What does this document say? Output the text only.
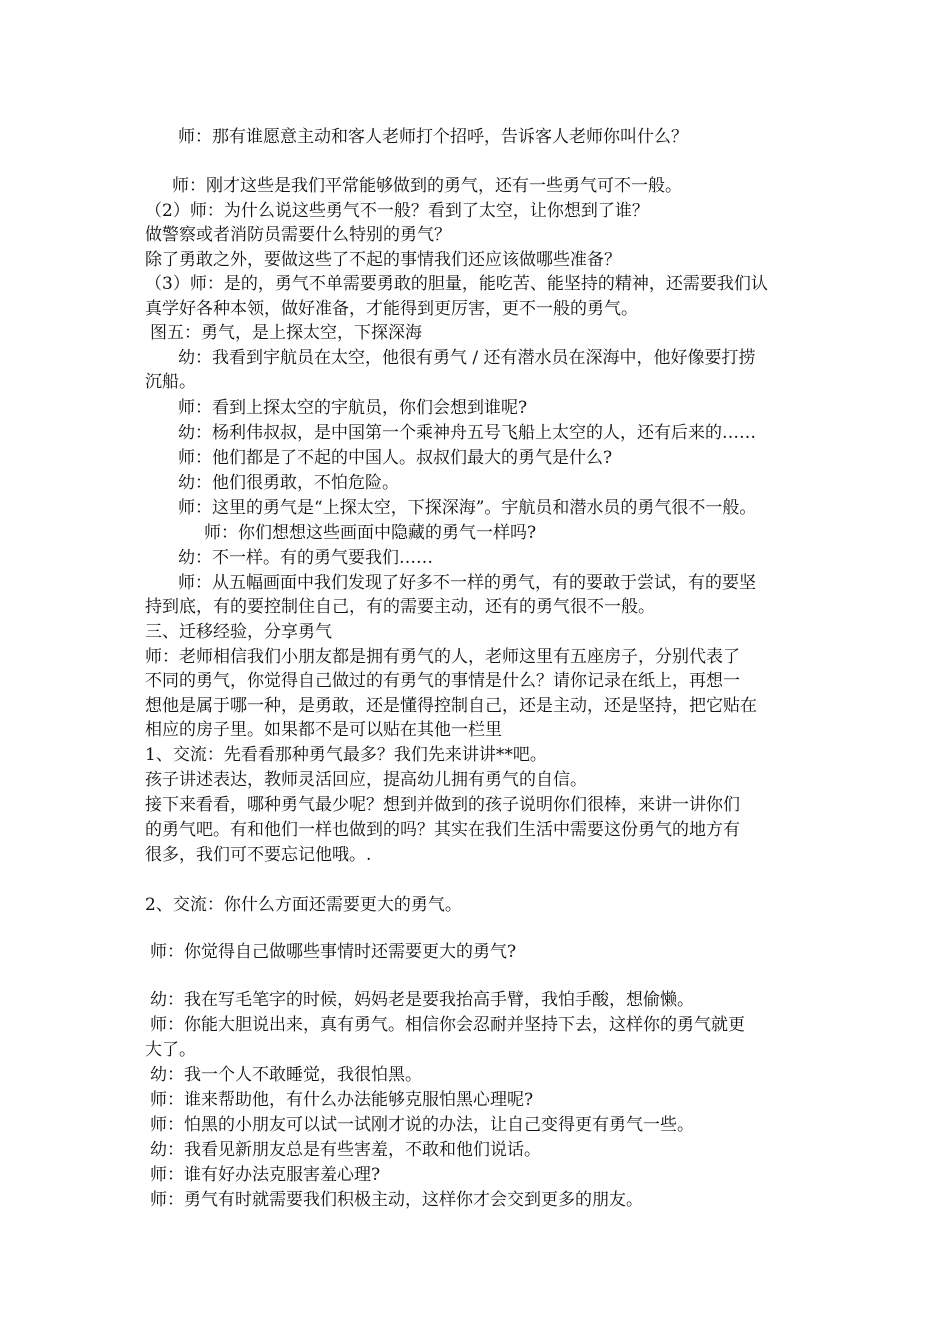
师：那有谁愿意主动和客人老师打个招呼，告诉客人老师你叫什么？
师：刚才这些是我们平常能够做到的勇气，还有一些勇气可不一般。
（2）师：为什么说这些勇气不一般？看到了太空，让你想到了谁？
做警察或者消防员需要什么特别的勇气？
除了勇敢之外，要做这些了不起的事情我们还应该做哪些准备？
（3）师：是的，勇气不单需要勇敢的胆量，能吃苦、能坚持的精神，还需要我们认
真学好各种本领，做好准备，才能得到更厉害，更不一般的勇气。
图五：勇气，是上探太空，下探深海
幼：我看到宇航员在太空，他很有勇气 / 还有潜水员在深海中，他好像要打捞
沉船。
师：看到上探太空的宇航员，你们会想到谁呢?
幼：杨利伟叔叔，是中国第一个乘神舟五号飞船上太空的人，还有后来的……
师：他们都是了不起的中国人。叔叔们最大的勇气是什么?
幼：他们很勇敢，不怕危险。
师：这里的勇气是“上探太空，下探深海”。宇航员和潜水员的勇气很不一般。
师：你们想想这些画面中隐藏的勇气一样吗?
幼：不一样。有的勇气要我们……
师：从五幅画面中我们发现了好多不一样的勇气，有的要敢于尝试，有的要坚
持到底，有的要控制住自己，有的需要主动，还有的勇气很不一般。
三、迁移经验，分享勇气
师：老师相信我们小朋友都是拥有勇气的人，老师这里有五座房子，分别代表了
不同的勇气，你觉得自己做过的有勇气的事情是什么？请你记录在纸上，再想一
想他是属于哪一种，是勇敢，还是懂得控制自己，还是主动，还是坚持，把它贴在
相应的房子里。如果都不是可以贴在其他一栏里
1、交流：先看看那种勇气最多？我们先来讲讲**吧。
孩子讲述表达，教师灵活回应，提高幼儿拥有勇气的自信。
接下来看看，哪种勇气最少呢？想到并做到的孩子说明你们很棒，来讲一讲你们
的勇气吧。有和他们一样也做到的吗？其实在我们生活中需要这份勇气的地方有
很多，我们可不要忘记他哦。.
2、交流：你什么方面还需要更大的勇气。
师：你觉得自己做哪些事情时还需要更大的勇气?
幼：我在写毛笔字的时候，妈妈老是要我抬高手臂，我怕手酸，想偷懒。
师：你能大胆说出来，真有勇气。相信你会忍耐并坚持下去，这样你的勇气就更
大了。
幼：我一个人不敢睡觉，我很怕黑。
师：谁来帮助他，有什么办法能够克服怕黑心理呢?
师：怕黑的小朋友可以试一试刚才说的办法，让自己变得更有勇气一些。
幼：我看见新朋友总是有些害羞，不敢和他们说话。
师：谁有好办法克服害羞心理?
师：勇气有时就需要我们积极主动，这样你才会交到更多的朋友。
